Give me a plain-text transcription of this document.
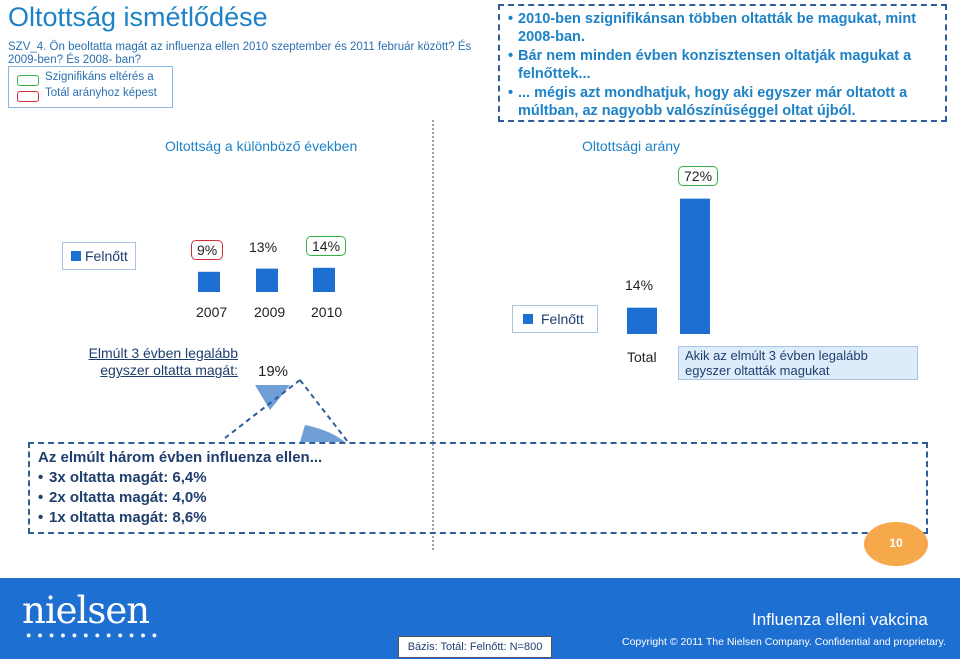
Oltottság ismétlődése
SZV_4. Ön beoltatta magát az influenza ellen 2010 szeptember és 2011 február között? És 2009-ben? És 2008- ban?
Szignifikáns eltérés a
Totál arányhoz képest
• 2010-ben szignifikánsan többen oltatták be magukat, mint 2008-ban.
• Bár nem minden évben konzisztensen oltatják magukat a felnőttek...
• ... mégis azt mondhatjuk, hogy aki egyszer már oltatott a múltban, az nagyobb valószínűséggel oltat újból.
Oltottság a különböző években	Oltottsági arány
Felnőtt
Felnőtt
9%
2007
13%
2009
14%
2010
72%
14%
Elmúlt 3 évben legalább egyszer oltatta magát: 19%
Total	Akik az elmúlt 3 évben legalább egyszer oltatták magukat
Az elmúlt három évben influenza ellen...
• 3x oltatta magát: 6,4%
• 2x oltatta magát: 4,0%
• 1x oltatta magát: 8,6%
10
nielsen
●●●●●●●●●●●●
Influenza elleni vakcina
Copyright © 2011 The Nielsen Company. Confidential and proprietary.
Bázis: Totál: Felnőtt: N=800
